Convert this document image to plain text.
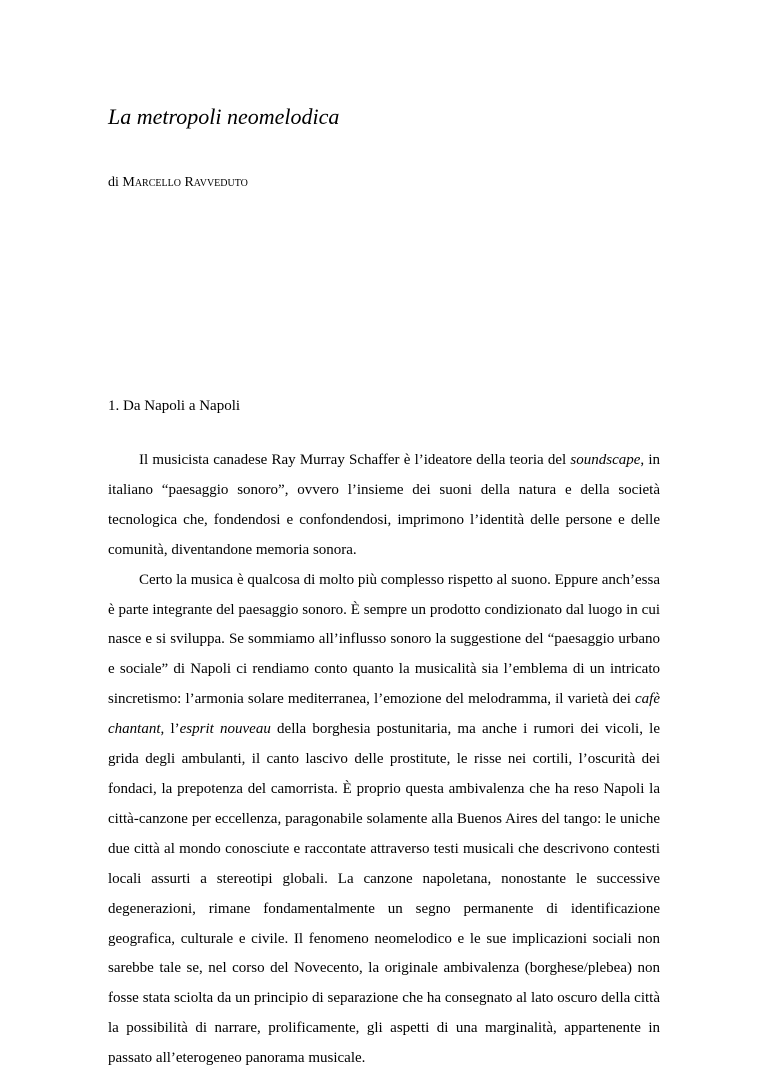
La metropoli neomelodica

di Marcello Ravveduto

1. Da Napoli a Napoli

Il musicista canadese Ray Murray Schaffer è l’ideatore della teoria del soundscape, in italiano “paesaggio sonoro”, ovvero l’insieme dei suoni della natura e della società tecnologica che, fondendosi e confondendosi, imprimono l’identità delle persone e delle comunità, diventandone memoria sonora.

Certo la musica è qualcosa di molto più complesso rispetto al suono. Eppure anch’essa è parte integrante del paesaggio sonoro. È sempre un prodotto condizionato dal luogo in cui nasce e si sviluppa. Se sommiamo all’influsso sonoro la suggestione del “paesaggio urbano e sociale” di Napoli ci rendiamo conto quanto la musicalità sia l’emblema di un intricato sincretismo: l’armonia solare mediterranea, l’emozione del melodramma, il varietà dei cafè chantant, l’esprit nouveau della borghesia postunitaria, ma anche i rumori dei vicoli, le grida degli ambulanti, il canto lascivo delle prostitute, le risse nei cortili, l’oscurità dei fondaci, la prepotenza del camorrista. È proprio questa ambivalenza che ha reso Napoli la città-canzone per eccellenza, paragonabile solamente alla Buenos Aires del tango: le uniche due città al mondo conosciute e raccontate attraverso testi musicali che descrivono contesti locali assurti a stereotipi globali. La canzone napoletana, nonostante le successive degenerazioni, rimane fondamentalmente un segno permanente di identificazione geografica, culturale e civile. Il fenomeno neomelodico e le sue implicazioni sociali non sarebbe tale se, nel corso del Novecento, la originale ambivalenza (borghese/plebea) non fosse stata sciolta da un principio di separazione che ha consegnato al lato oscuro della città la possibilità di narrare, prolificamente, gli aspetti di una marginalità, appartenente in passato all’eterogeneo panorama musicale.
